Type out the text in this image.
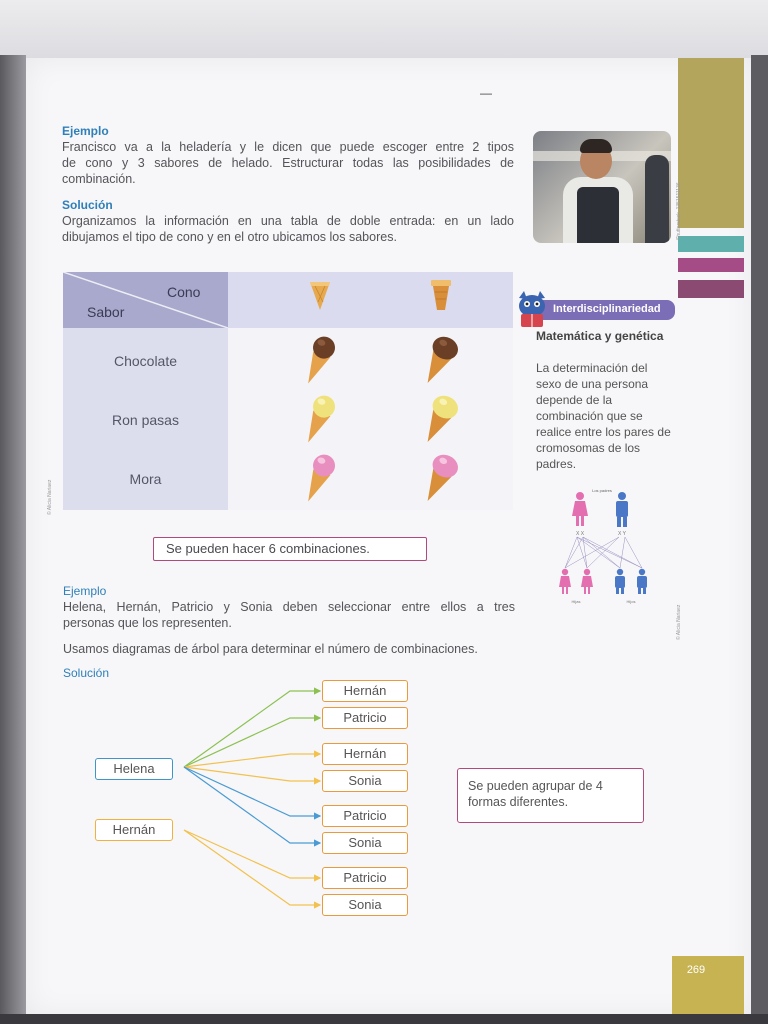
269
—
Ejemplo
Francisco va a la heladería y le dicen que puede escoger entre 2 tipos
de cono y 3 sabores de helado. Estructurar todas las posibilidades de
combinación.
Solución
Organizamos la información en una tabla de doble entrada: en un lado
dibujamos el tipo de cono y en el otro ubicamos los sabores.	Shutterstock, 1351511136
Cono
Sabor
Chocolate
Ron pasas
Mora
Se pueden hacer 6 combinaciones.
Interdisciplinariedad
Matemática y genética
La determinación del sexo de una persona depende de la combinación que se realice entre los pares de cromosomas de los padres.
Los padres
X X	X Y
Hijas	Hijos
© Alicia Nariaez
© Alicia Nariaez
Ejemplo
Helena, Hernán, Patricio y Sonia deben seleccionar entre ellos a tres
personas que los representen.
Usamos diagramas de árbol para determinar el número de combinaciones.
Solución
Helena
Hernán
Hernán
Patricio
Hernán
Sonia
Patricio
Sonia
Patricio
Sonia
Se pueden agrupar de 4 formas diferentes.
